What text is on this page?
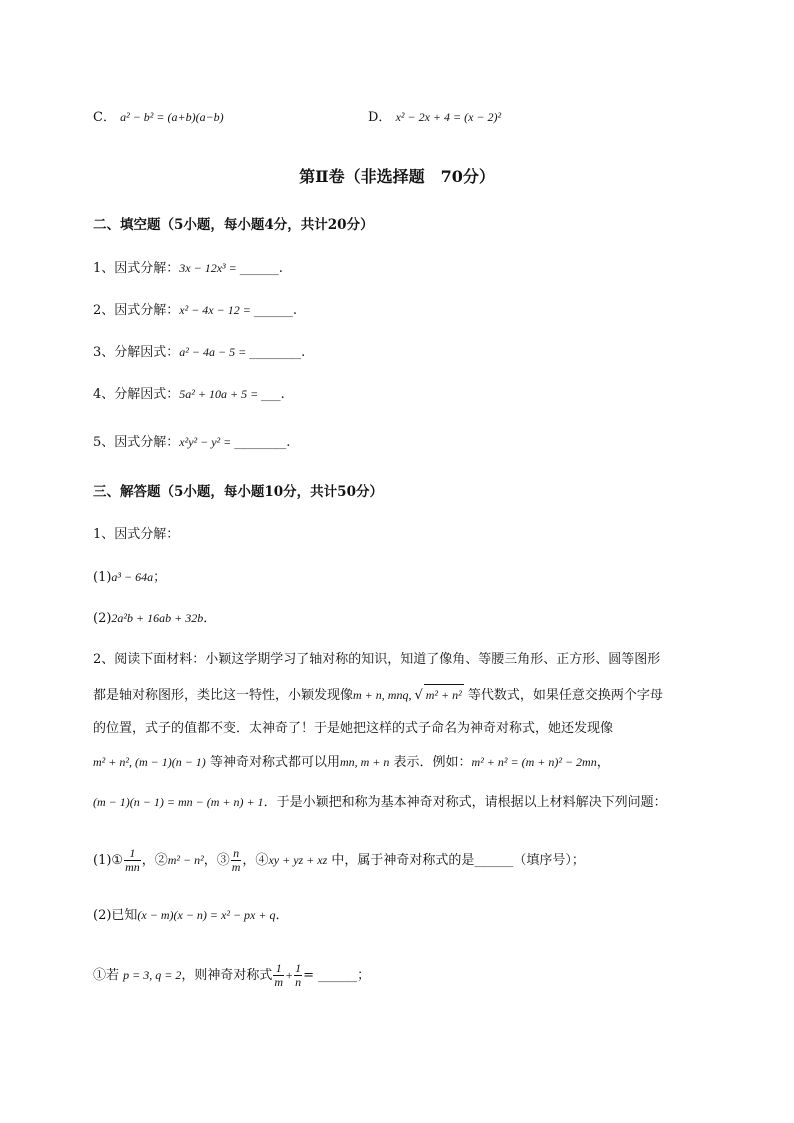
C． a² − b² = (a+b)(a−b)	D． x² − 2x + 4 = (x − 2)²
第Ⅱ卷（非选择题　70分）
二、填空题（5小题，每小题4分，共计20分）
1、因式分解：3x − 12x³ = ______.
2、因式分解：x² − 4x − 12 = ______.
3、分解因式：a² − 4a − 5 = ________.
4、分解因式：5a² + 10a + 5 = ___.
5、因式分解：x²y² − y² = ________.
三、解答题（5小题，每小题10分，共计50分）
1、因式分解：
(1)a³ − 64a；
(2)2a²b + 16ab + 32b．
2、阅读下面材料：小颖这学期学习了轴对称的知识，知道了像角、等腰三角形、正方形、圆等图形
都是轴对称图形，类比这一特性，小颖发现像m + n, mnq, √ m² + n² 等代数式，如果任意交换两个字母
的位置，式子的值都不变．太神奇了！于是她把这样的式子命名为神奇对称式，她还发现像
m² + n², (m − 1)(n − 1) 等神奇对称式都可以用mn, m + n 表示．例如：m² + n² = (m + n)² − 2mn，
(m − 1)(n − 1) = mn − (m + n) + 1．于是小颖把和称为基本神奇对称式，请根据以上材料解决下列问题：
(1)① $\frac{1}{mn}$ ，②m² − n²，③ $\frac{n}{m}$ ，④xy + yz + xz 中，属于神奇对称式的是______（填序号）；
(2)已知(x − m)(x − n) = x² − px + q．
①若 p = 3, q = 2，则神奇对称式 $\frac{1}{m} + \frac{1}{n}$ = ______；
